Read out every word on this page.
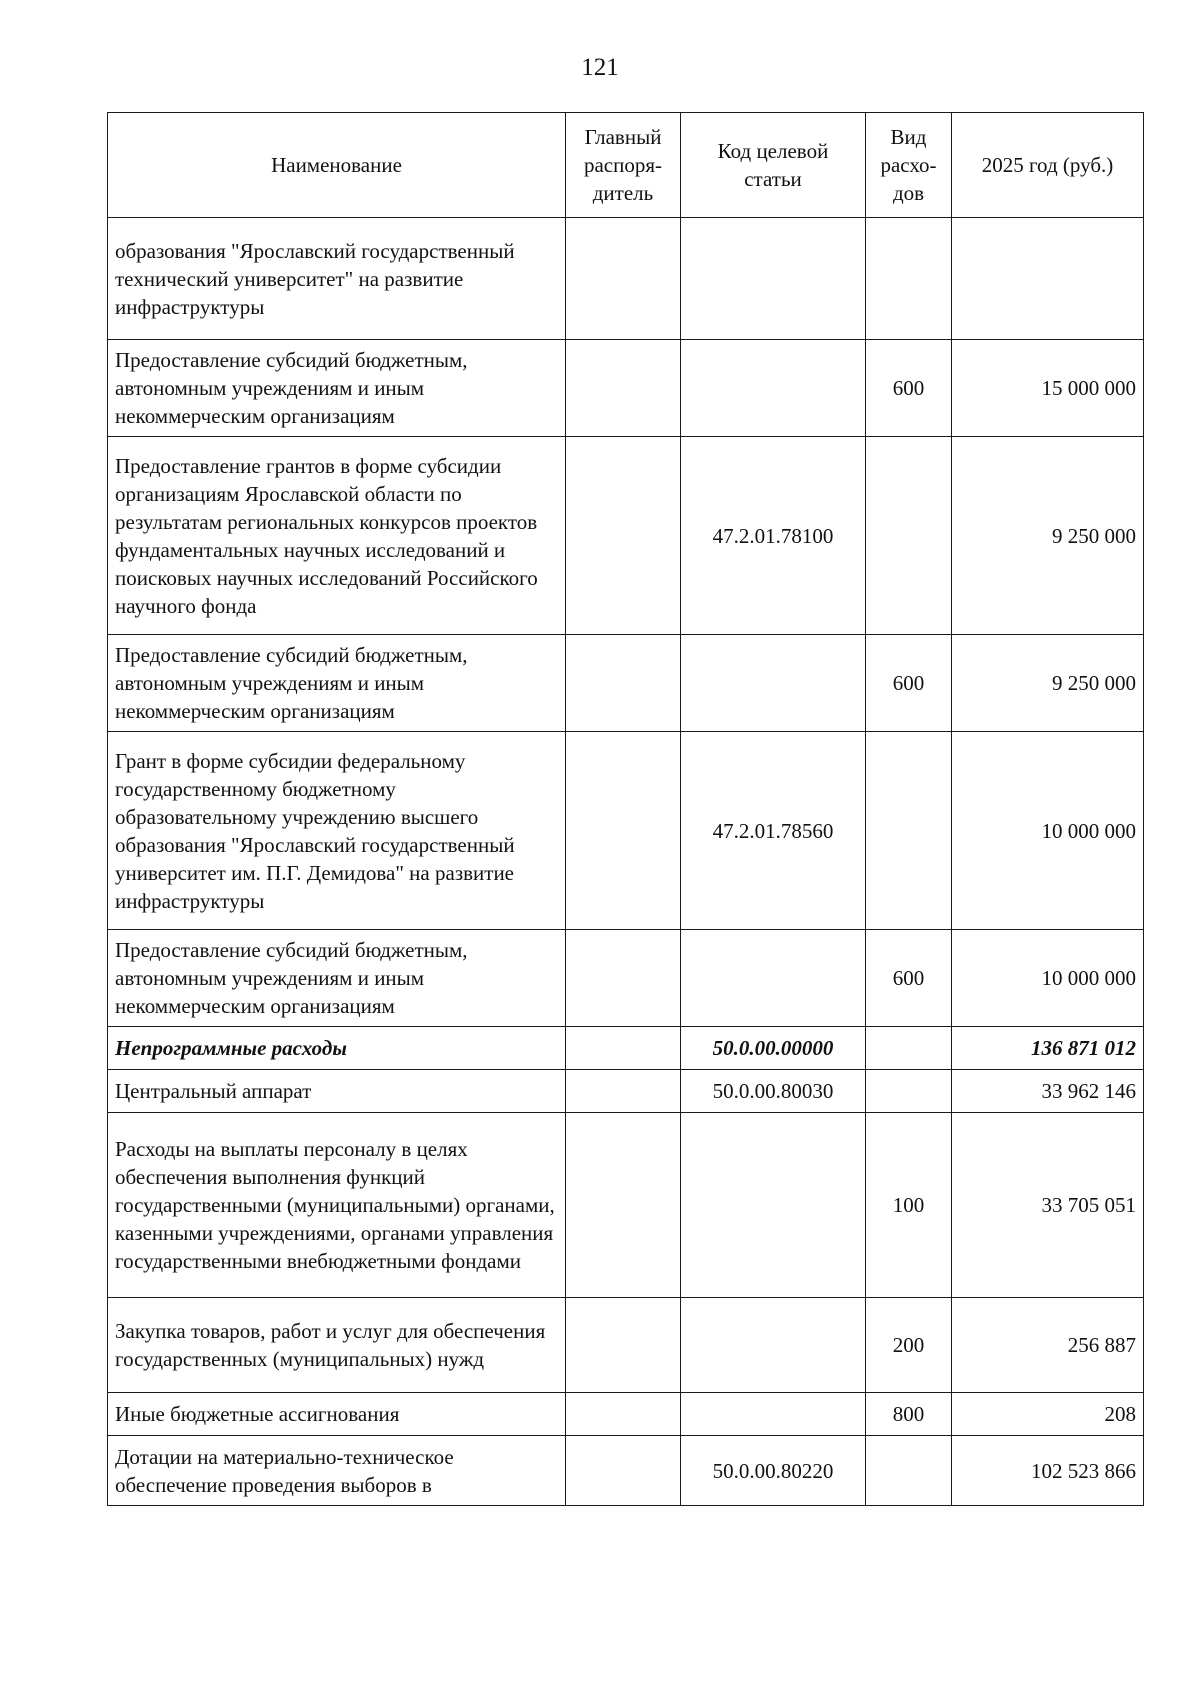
121
Наименование	Главный распоря-дитель	Код целевой статьи	Вид расхо-дов	2025 год (руб.)
образования "Ярославский государственный технический университет" на развитие инфраструктуры				
Предоставление субсидий бюджетным, автономным учреждениям и иным некоммерческим организациям			600	15 000 000
Предоставление грантов в форме субсидии организациям Ярославской области по результатам региональных конкурсов проектов фундаментальных научных исследований и поисковых научных исследований Российского научного фонда		47.2.01.78100		9 250 000
Предоставление субсидий бюджетным, автономным учреждениям и иным некоммерческим организациям			600	9 250 000
Грант в форме субсидии федеральному государственному бюджетному образовательному учреждению высшего образования "Ярославский государственный университет им. П.Г. Демидова" на развитие инфраструктуры		47.2.01.78560		10 000 000
Предоставление субсидий бюджетным, автономным учреждениям и иным некоммерческим организациям			600	10 000 000
Непрограммные расходы		50.0.00.00000		136 871 012
Центральный аппарат		50.0.00.80030		33 962 146
Расходы на выплаты персоналу в целях обеспечения выполнения функций государственными (муниципальными) органами, казенными учреждениями, органами управления государственными внебюджетными фондами			100	33 705 051
Закупка товаров, работ и услуг для обеспечения государственных (муниципальных) нужд			200	256 887
Иные бюджетные ассигнования			800	208
Дотации на материально-техническое обеспечение проведения выборов в		50.0.00.80220		102 523 866
